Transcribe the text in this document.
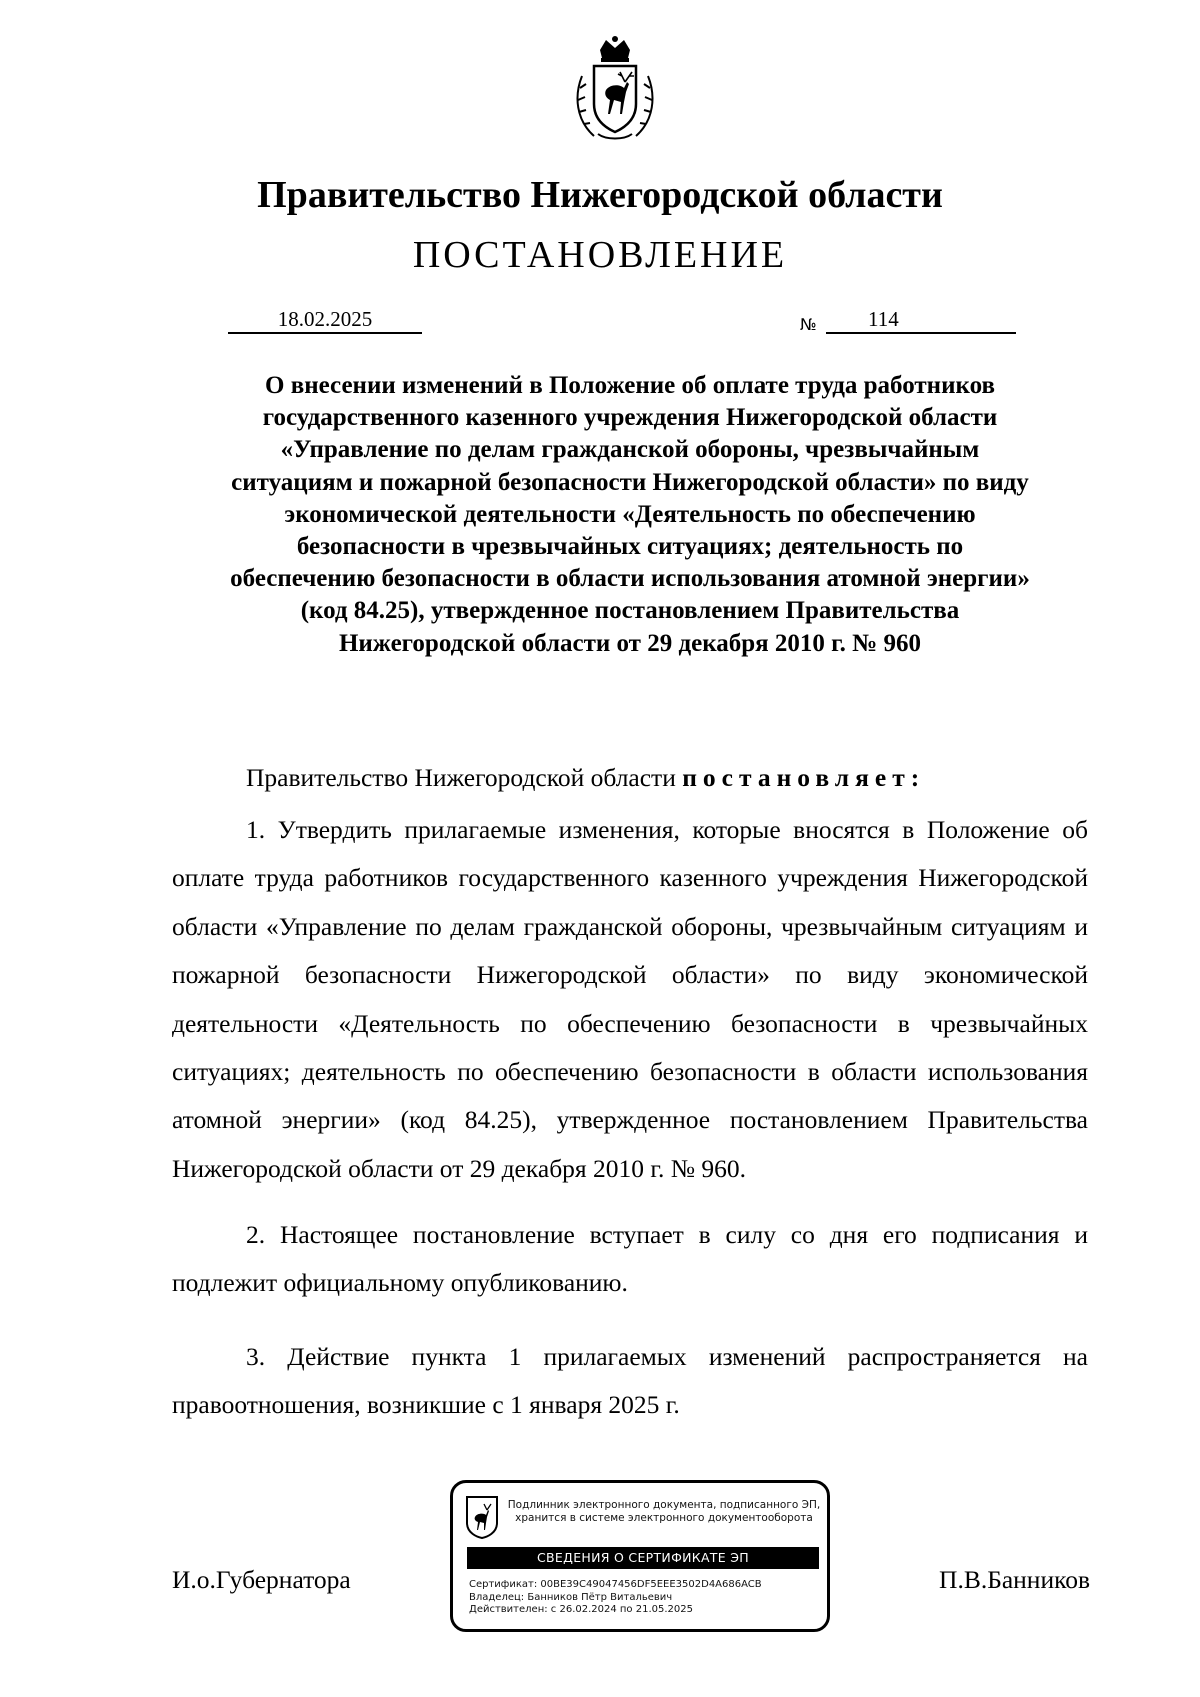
Правительство Нижегородской области
ПОСТАНОВЛЕНИЕ
18.02.2025	№	114

О внесении изменений в Положение об оплате труда работников государственного казенного учреждения Нижегородской области «Управление по делам гражданской обороны, чрезвычайным ситуациям и пожарной безопасности Нижегородской области» по виду экономической деятельности «Деятельность по обеспечению безопасности в чрезвычайных ситуациях; деятельность по обеспечению безопасности в области использования атомной энергии» (код 84.25), утвержденное постановлением Правительства Нижегородской области от 29 декабря 2010 г. № 960

Правительство Нижегородской области постановляет:

1. Утвердить прилагаемые изменения, которые вносятся в Положение об оплате труда работников государственного казенного учреждения Нижегородской области «Управление по делам гражданской обороны, чрезвычайным ситуациям и пожарной безопасности Нижегородской области» по виду экономической деятельности «Деятельность по обеспечению безопасности в чрезвычайных ситуациях; деятельность по обеспечению безопасности в области использования атомной энергии» (код 84.25), утвержденное постановлением Правительства Нижегородской области от 29 декабря 2010 г. № 960.

2. Настоящее постановление вступает в силу со дня его подписания и подлежит официальному опубликованию.

3. Действие пункта 1 прилагаемых изменений распространяется на правоотношения, возникшие с 1 января 2025 г.

И.о.Губернатора	П.В.Банников
Подлинник электронного документа, подписанного ЭП,
хранится в системе электронного документооборота
СВЕДЕНИЯ О СЕРТИФИКАТЕ ЭП
Сертификат: 00BE39C49047456DF5EEE3502D4A686ACB
Владелец: Банников Пётр Витальевич
Действителен: с 26.02.2024 по 21.05.2025
